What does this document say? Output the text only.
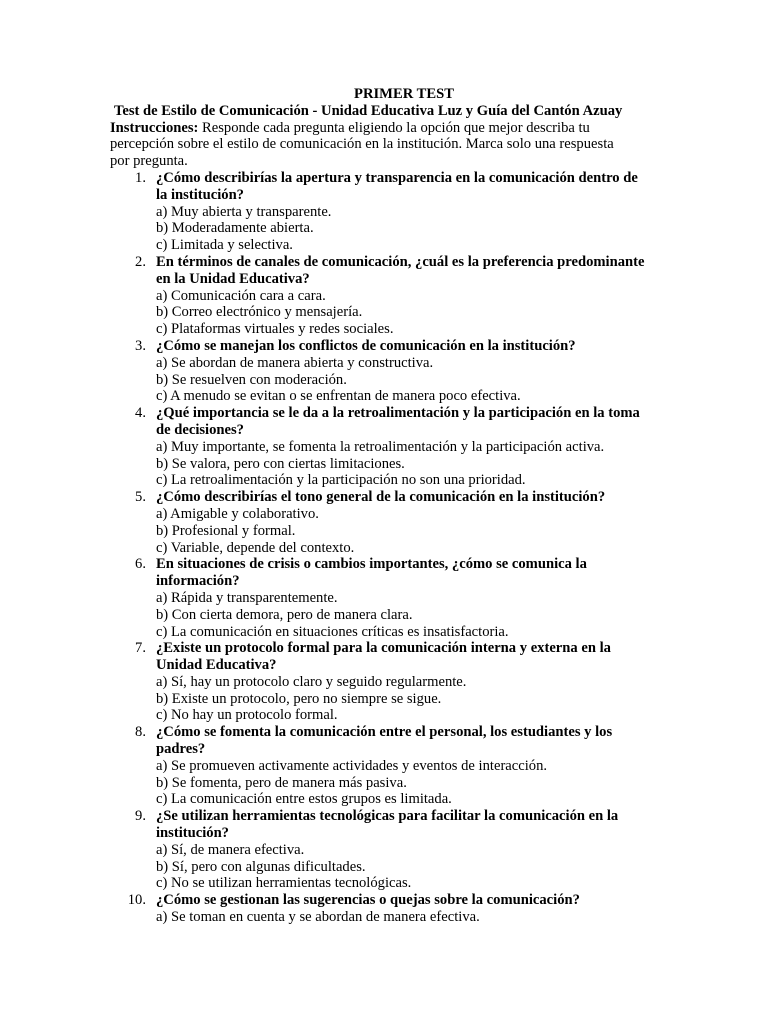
PRIMER TEST

Test de Estilo de Comunicación - Unidad Educativa Luz y Guía del Cantón Azuay

Instrucciones: Responde cada pregunta eligiendo la opción que mejor describa tu percepción sobre el estilo de comunicación en la institución. Marca solo una respuesta por pregunta.

1. ¿Cómo describirías la apertura y transparencia en la comunicación dentro de la institución?
a) Muy abierta y transparente.
b) Moderadamente abierta.
c) Limitada y selectiva.
2. En términos de canales de comunicación, ¿cuál es la preferencia predominante en la Unidad Educativa?
a) Comunicación cara a cara.
b) Correo electrónico y mensajería.
c) Plataformas virtuales y redes sociales.
3. ¿Cómo se manejan los conflictos de comunicación en la institución?
a) Se abordan de manera abierta y constructiva.
b) Se resuelven con moderación.
c) A menudo se evitan o se enfrentan de manera poco efectiva.
4. ¿Qué importancia se le da a la retroalimentación y la participación en la toma de decisiones?
a) Muy importante, se fomenta la retroalimentación y la participación activa.
b) Se valora, pero con ciertas limitaciones.
c) La retroalimentación y la participación no son una prioridad.
5. ¿Cómo describirías el tono general de la comunicación en la institución?
a) Amigable y colaborativo.
b) Profesional y formal.
c) Variable, depende del contexto.
6. En situaciones de crisis o cambios importantes, ¿cómo se comunica la información?
a) Rápida y transparentemente.
b) Con cierta demora, pero de manera clara.
c) La comunicación en situaciones críticas es insatisfactoria.
7. ¿Existe un protocolo formal para la comunicación interna y externa en la Unidad Educativa?
a) Sí, hay un protocolo claro y seguido regularmente.
b) Existe un protocolo, pero no siempre se sigue.
c) No hay un protocolo formal.
8. ¿Cómo se fomenta la comunicación entre el personal, los estudiantes y los padres?
a) Se promueven activamente actividades y eventos de interacción.
b) Se fomenta, pero de manera más pasiva.
c) La comunicación entre estos grupos es limitada.
9. ¿Se utilizan herramientas tecnológicas para facilitar la comunicación en la institución?
a) Sí, de manera efectiva.
b) Sí, pero con algunas dificultades.
c) No se utilizan herramientas tecnológicas.
10. ¿Cómo se gestionan las sugerencias o quejas sobre la comunicación?
a) Se toman en cuenta y se abordan de manera efectiva.
